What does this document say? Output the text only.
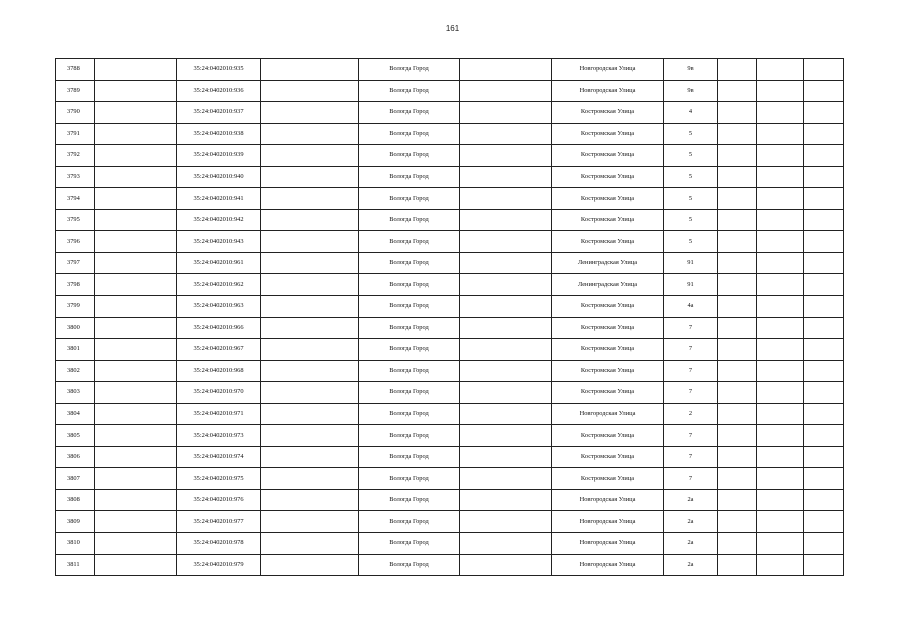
161
3788		35:24:0402010:935		Вологда Город		Новгородская Улица	9в			
3789		35:24:0402010:936		Вологда Город		Новгородская Улица	9в			
3790		35:24:0402010:937		Вологда Город		Костромская Улица	4			
3791		35:24:0402010:938		Вологда Город		Костромская Улица	5			
3792		35:24:0402010:939		Вологда Город		Костромская Улица	5			
3793		35:24:0402010:940		Вологда Город		Костромская Улица	5			
3794		35:24:0402010:941		Вологда Город		Костромская Улица	5			
3795		35:24:0402010:942		Вологда Город		Костромская Улица	5			
3796		35:24:0402010:943		Вологда Город		Костромская Улица	5			
3797		35:24:0402010:961		Вологда Город		Ленинградская Улица	91			
3798		35:24:0402010:962		Вологда Город		Ленинградская Улица	91			
3799		35:24:0402010:963		Вологда Город		Костромская Улица	4а			
3800		35:24:0402010:966		Вологда Город		Костромская Улица	7			
3801		35:24:0402010:967		Вологда Город		Костромская Улица	7			
3802		35:24:0402010:968		Вологда Город		Костромская Улица	7			
3803		35:24:0402010:970		Вологда Город		Костромская Улица	7			
3804		35:24:0402010:971		Вологда Город		Новгородская Улица	2			
3805		35:24:0402010:973		Вологда Город		Костромская Улица	7			
3806		35:24:0402010:974		Вологда Город		Костромская Улица	7			
3807		35:24:0402010:975		Вологда Город		Костромская Улица	7			
3808		35:24:0402010:976		Вологда Город		Новгородская Улица	2а			
3809		35:24:0402010:977		Вологда Город		Новгородская Улица	2а			
3810		35:24:0402010:978		Вологда Город		Новгородская Улица	2а			
3811		35:24:0402010:979		Вологда Город		Новгородская Улица	2а			
